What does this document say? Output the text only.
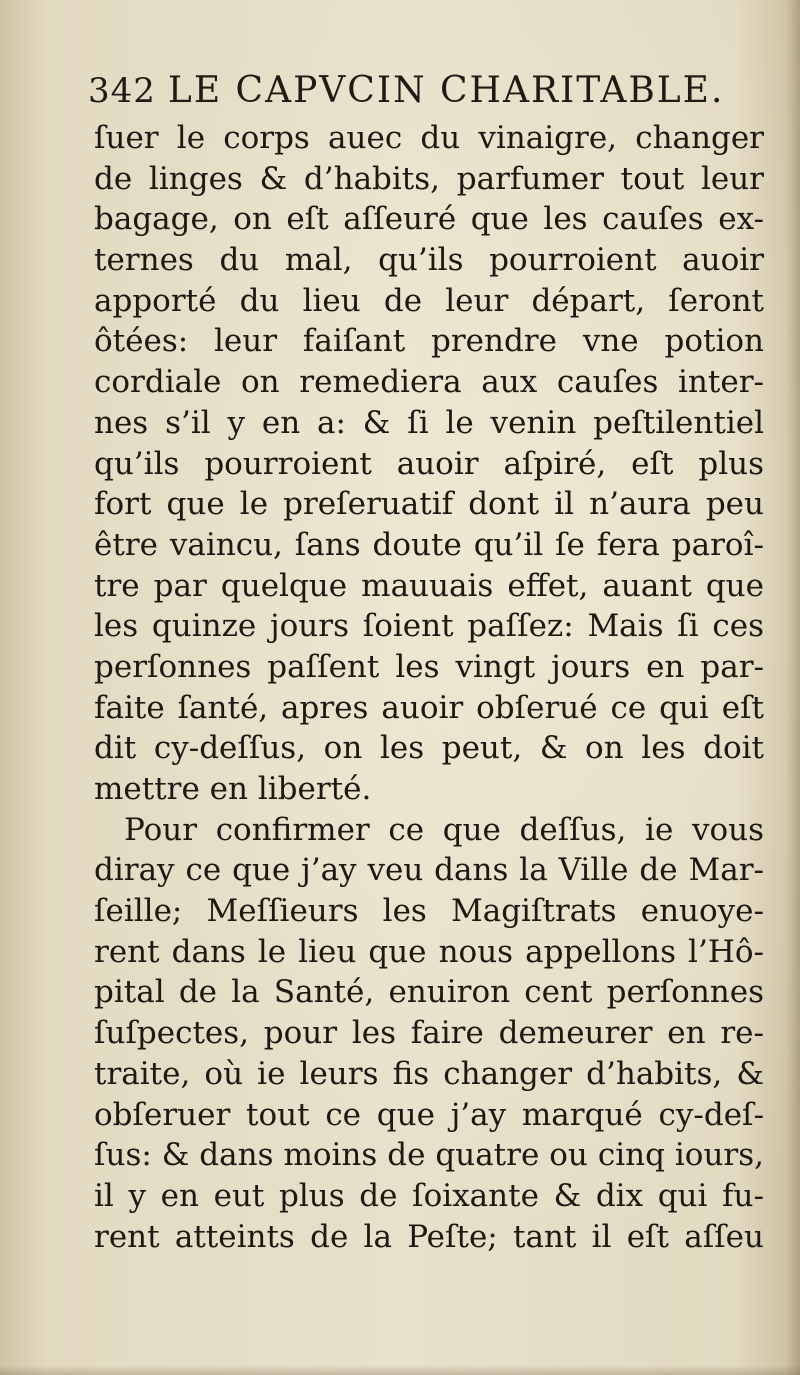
342 LE CAPVCIN CHARITABLE.
ſuer le corps auec du vinaigre, changer
de linges & d’habits, parfumer tout leur
bagage, on eſt aſſeuré que les cauſes ex-
ternes du mal, qu’ils pourroient auoir
apporté du lieu de leur départ, ſeront
ôtées: leur faiſant prendre vne potion
cordiale on remediera aux cauſes inter-
nes s’il y en a: & ſi le venin peſtilentiel
qu’ils pourroient auoir aſpiré, eſt plus
fort que le preſeruatif dont il n’aura peu
être vaincu, ſans doute qu’il ſe fera paroî-
tre par quelque mauuais effet, auant que
les quinze jours ſoient paſſez: Mais ſi ces
perſonnes paſſent les vingt jours en par-
faite ſanté, apres auoir obſerué ce qui eſt
dit cy-deſſus, on les peut, & on les doit
mettre en liberté.
Pour confirmer ce que deſſus, ie vous
diray ce que j’ay veu dans la Ville de Mar-
ſeille; Meſſieurs les Magiſtrats enuoye-
rent dans le lieu que nous appellons l’Hô-
pital de la Santé, enuiron cent perſonnes
ſuſpectes, pour les faire demeurer en re-
traite, où ie leurs fis changer d’habits, &
obſeruer tout ce que j’ay marqué cy-deſ-
ſus: & dans moins de quatre ou cinq iours,
il y en eut plus de ſoixante & dix qui fu-
rent atteints de la Peſte; tant il eſt aſſeu
